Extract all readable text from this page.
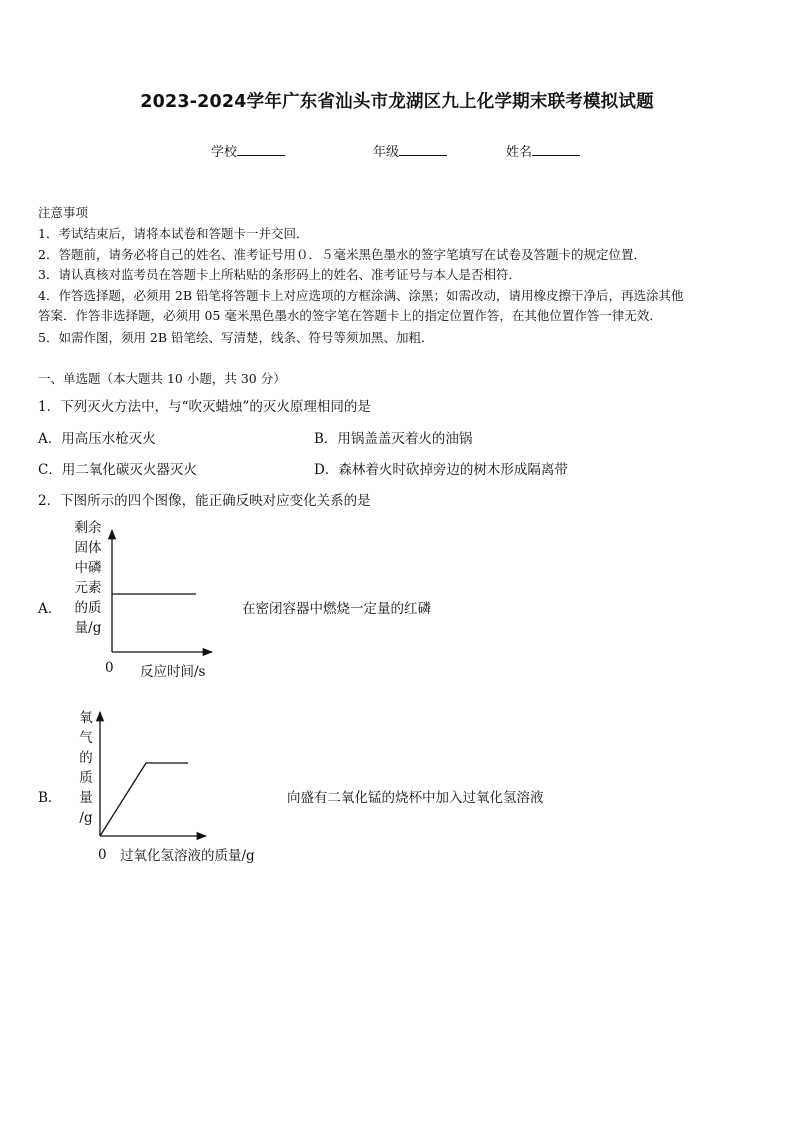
2023-2024学年广东省汕头市龙湖区九上化学期末联考模拟试题
学校	年级	姓名
注意事项
1．考试结束后，请将本试卷和答题卡一并交回．
2．答题前，请务必将自己的姓名、准考证号用０．５毫米黑色墨水的签字笔填写在试卷及答题卡的规定位置．
3．请认真核对监考员在答题卡上所粘贴的条形码上的姓名、准考证号与本人是否相符．
4．作答选择题，必须用 2B 铅笔将答题卡上对应选项的方框涂满、涂黑；如需改动，请用橡皮擦干净后，再选涂其他
答案．作答非选择题，必须用 05 毫米黑色墨水的签字笔在答题卡上的指定位置作答，在其他位置作答一律无效．
5．如需作图，须用 2B 铅笔绘、写清楚，线条、符号等须加黑、加粗．
一、单选题（本大题共 10 小题，共 30 分）
1．下列灭火方法中，与“吹灭蜡烛”的灭火原理相同的是
A．用高压水枪灭火	B．用锅盖盖灭着火的油锅
C．用二氧化碳灭火器灭火	D．森林着火时砍掉旁边的树木形成隔离带
2．下图所示的四个图像，能正确反映对应变化关系的是
A．
剩余
固体
中磷
元素
的质
量/g
0 反应时间/s
在密闭容器中燃烧一定量的红磷
B．
氧
气
的
质
量
/g
0 过氧化氢溶液的质量/g
向盛有二氧化锰的烧杯中加入过氧化氢溶液
